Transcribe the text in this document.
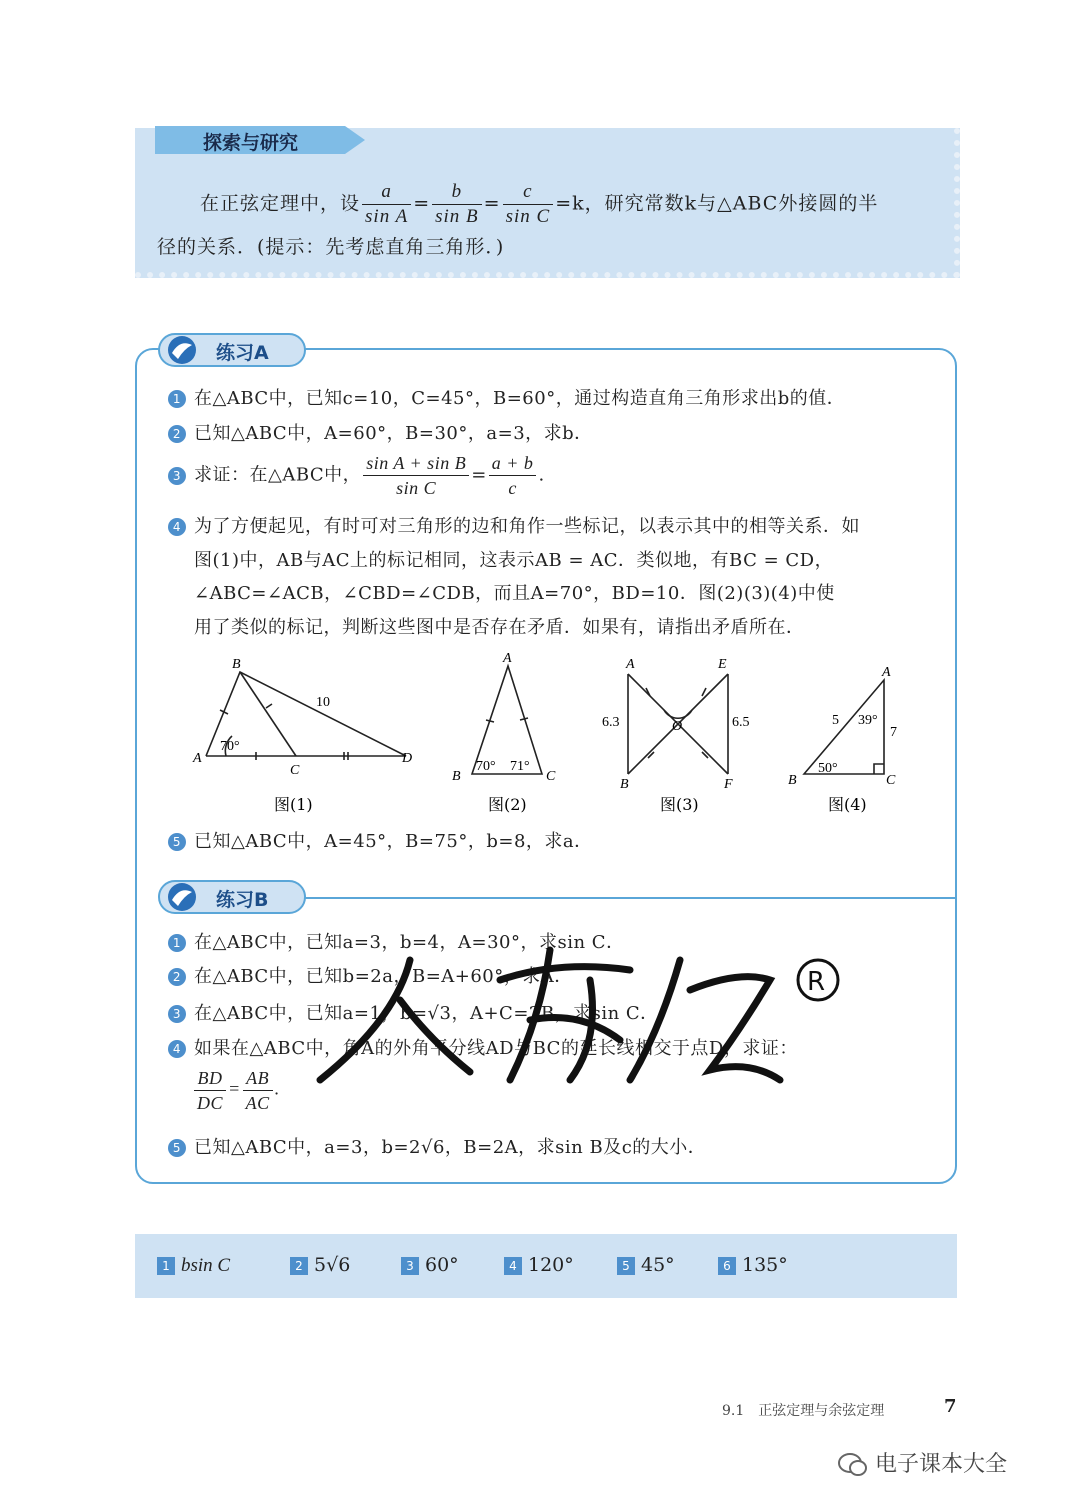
在正弦定理中，设 $\frac{a}{\text{sin A}} = \frac{b}{\text{sin B}} = \frac{c}{\text{sin C}} =k$，研究常数k与△ABC外接圆的半
径的关系．(提示：先考虑直角三角形．)
探索与研究
练习A
1 在△ABC中，已知c=10，C=45°，B=60°，通过构造直角三角形求出b的值．
2 已知△ABC中，A=60°，B=30°，a=3，求b．
3 求证：在△ABC中， $\frac{\text{sin A + sin B}}{\text{sin C}} = \frac{a + b}{c}$ .
4 为了方便起见，有时可对三角形的边和角作一些标记，以表示其中的相等关系．如
图(1)中，AB与AC上的标记相同，这表示AB = AC．类似地，有BC = CD，
∠ABC=∠ACB，∠CBD=∠CDB，而且A=70°，BD=10．图(2)(3)(4)中使
用了类似的标记，判断这些图中是否存在矛盾．如果有，请指出矛盾所在．
A
B
C
D
70°
10
图(1)
A
B	C
70° 71°
图(2)
A	E
O
B	F
6.3	6.5
图(3)
A
B	C
5 39°
7
50°
图(4)
5 已知△ABC中，A=45°，B=75°，b=8，求a．
练习B
1 在△ABC中，已知a=3，b=4，A=30°，求sin C．
2 在△ABC中，已知b=2a，B=A+60°，求A．
3 在△ABC中，已知a=1，b=√3，A+C=2B，求sin C．
4 如果在△ABC中，角A的外角平分线AD与BC的延长线相交于点D，求证：
$\frac{BD}{DC} = \frac{AB}{AC}$ .
5 已知△ABC中，a=3，b=2√6，B=2A，求sin B及c的大小．
R
1 bsin C	2 5√6	3 60°	4 120°	5 45°	6 135°
9.1　正弦定理与余弦定理	7
电子课本大全
